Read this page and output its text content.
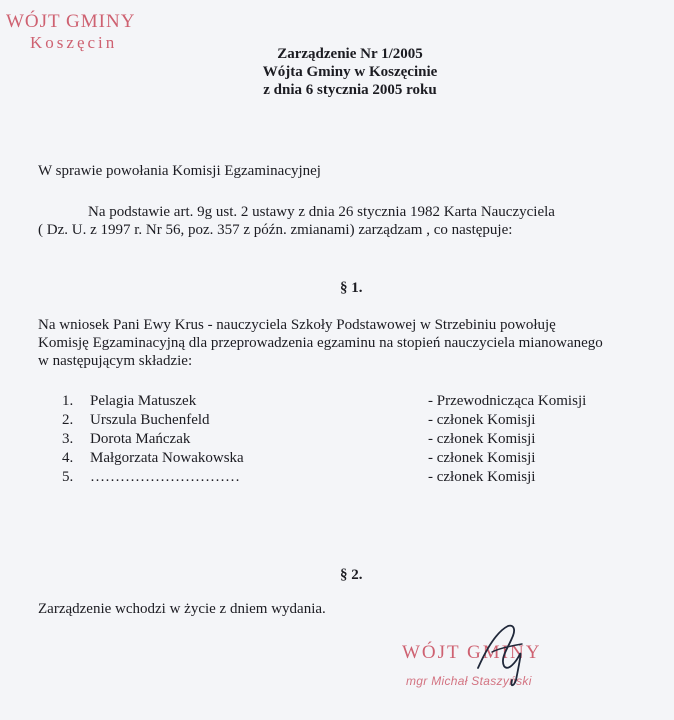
WÓJT GMINY
Koszęcin
Zarządzenie Nr 1/2005
Wójta Gminy w Koszęcinie
z dnia 6 stycznia 2005 roku
W sprawie powołania Komisji Egzaminacyjnej
Na podstawie art. 9g ust. 2 ustawy z dnia 26 stycznia 1982 Karta Nauczyciela
( Dz. U. z 1997 r. Nr 56, poz. 357 z późn. zmianami) zarządzam , co następuje:
§ 1.
Na wniosek Pani Ewy Krus - nauczyciela Szkoły Podstawowej w Strzebiniu powołuję
Komisję Egzaminacyjną dla przeprowadzenia egzaminu na stopień nauczyciela mianowanego
w następującym składzie:
1. Pelagia Matuszek	- Przewodnicząca Komisji
2. Urszula Buchenfeld	- członek Komisji
3. Dorota Mańczak	- członek Komisji
4. Małgorzata Nowakowska	- członek Komisji
5. …………………………	- członek Komisji
§ 2.
Zarządzenie wchodzi w życie z dniem wydania.
WÓJT GMINY
mgr Michał Staszyński
